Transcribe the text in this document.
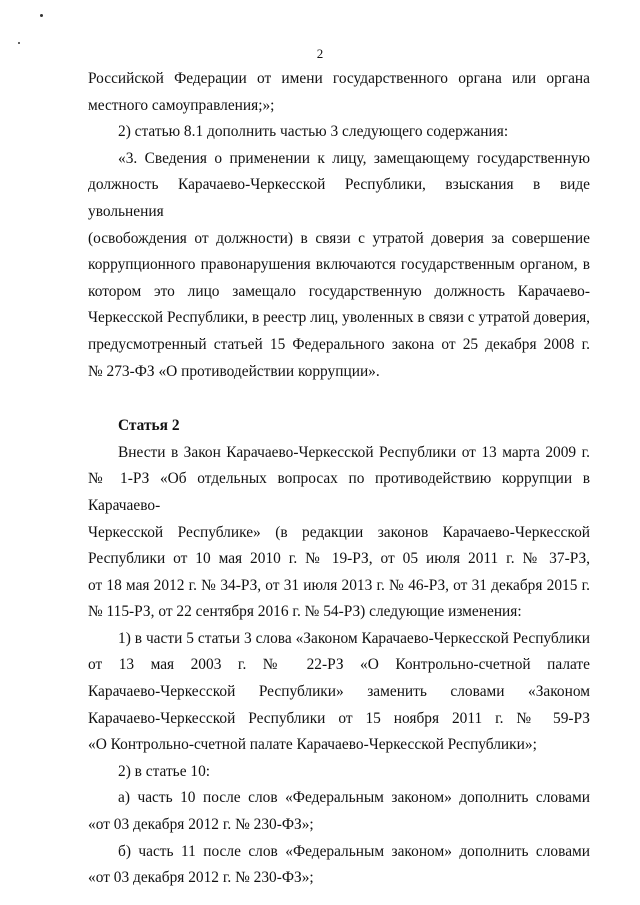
2
Российской Федерации от имени государственного органа или органа
местного самоуправления;»;

2) статью 8.1 дополнить частью 3 следующего содержания:

«3. Сведения о применении к лицу, замещающему государственную
должность Карачаево-Черкесской Республики, взыскания в виде увольнения
(освобождения от должности) в связи с утратой доверия за совершение
коррупционного правонарушения включаются государственным органом, в
котором это лицо замещало государственную должность Карачаево-
Черкесской Республики, в реестр лиц, уволенных в связи с утратой доверия,
предусмотренный статьей 15 Федерального закона от 25 декабря 2008 г.
№ 273-ФЗ «О противодействии коррупции».

Статья 2

Внести в Закон Карачаево-Черкесской Республики от 13 марта 2009 г.
№ 1-РЗ «Об отдельных вопросах по противодействию коррупции в Карачаево-
Черкесской Республике» (в редакции законов Карачаево-Черкесской
Республики от 10 мая 2010 г. № 19-РЗ, от 05 июля 2011 г. № 37-РЗ,
от 18 мая 2012 г. № 34-РЗ, от 31 июля 2013 г. № 46-РЗ, от 31 декабря 2015 г.
№ 115-РЗ, от 22 сентября 2016 г. № 54-РЗ) следующие изменения:
1) в части 5 статьи 3 слова «Законом Карачаево-Черкесской Республики
от 13 мая 2003 г. № 22-РЗ «О Контрольно-счетной палате
Карачаево-Черкесской Республики» заменить словами «Законом
Карачаево-Черкесской Республики от 15 ноября 2011 г. № 59-РЗ
«О Контрольно-счетной палате Карачаево-Черкесской Республики»;

2) в статье 10:

а) часть 10 после слов «Федеральным законом» дополнить словами
«от 03 декабря 2012 г. № 230-ФЗ»;
б) часть 11 после слов «Федеральным законом» дополнить словами
«от 03 декабря 2012 г. № 230-ФЗ»;
